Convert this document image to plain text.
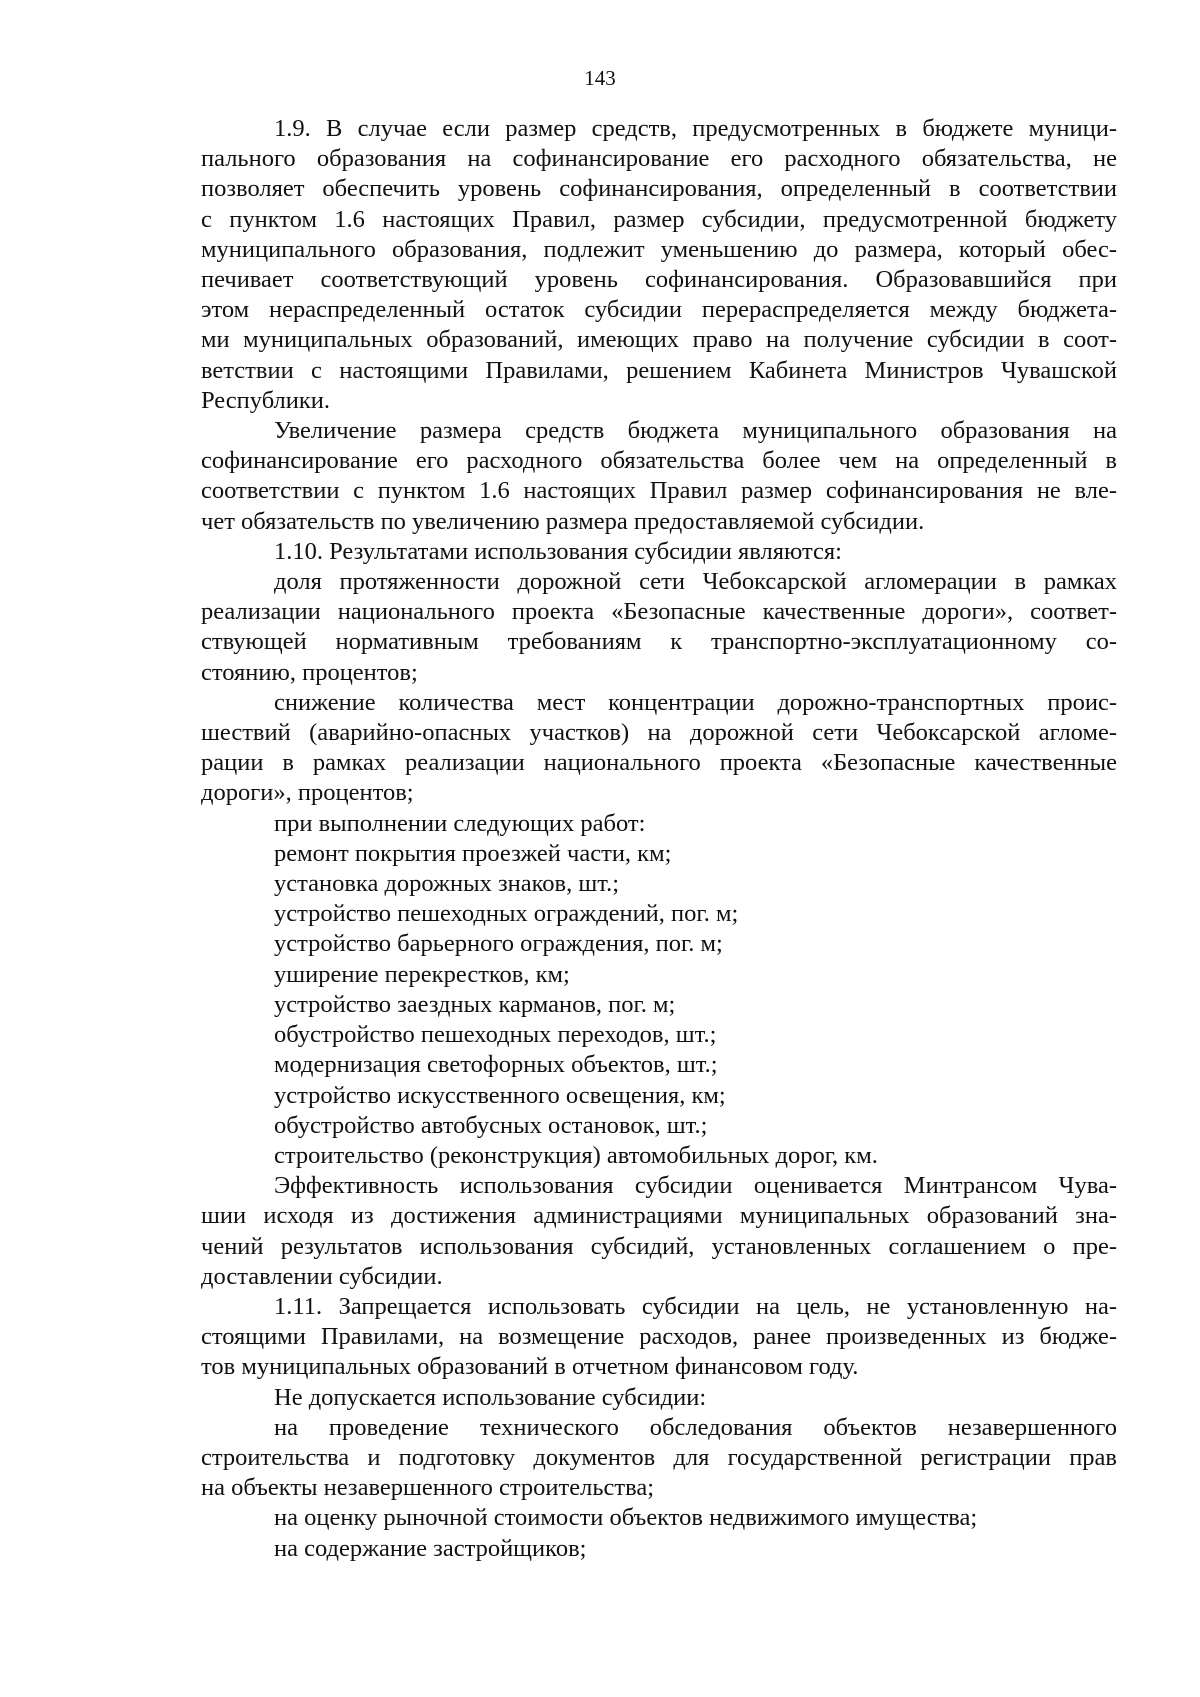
143
1.9. В случае если размер средств, предусмотренных в бюджете муници-
пального образования на софинансирование его расходного обязательства, не
позволяет обеспечить уровень софинансирования, определенный в соответствии
с пунктом 1.6 настоящих Правил, размер субсидии, предусмотренной бюджету
муниципального образования, подлежит уменьшению до размера, который обес-
печивает соответствующий уровень софинансирования. Образовавшийся при
этом нераспределенный остаток субсидии перераспределяется между бюджета-
ми муниципальных образований, имеющих право на получение субсидии в соот-
ветствии с настоящими Правилами, решением Кабинета Министров Чувашской
Республики.
Увеличение размера средств бюджета муниципального образования на
софинансирование его расходного обязательства более чем на определенный в
соответствии с пунктом 1.6 настоящих Правил размер софинансирования не вле-
чет обязательств по увеличению размера предоставляемой субсидии.
1.10. Результатами использования субсидии являются:
доля протяженности дорожной сети Чебоксарской агломерации в рамках
реализации национального проекта «Безопасные качественные дороги», соответ-
ствующей нормативным требованиям к транспортно-эксплуатационному со-
стоянию, процентов;
снижение количества мест концентрации дорожно-транспортных проис-
шествий (аварийно-опасных участков) на дорожной сети Чебоксарской агломе-
рации в рамках реализации национального проекта «Безопасные качественные
дороги», процентов;
при выполнении следующих работ:
ремонт покрытия проезжей части, км;
установка дорожных знаков, шт.;
устройство пешеходных ограждений, пог. м;
устройство барьерного ограждения, пог. м;
уширение перекрестков, км;
устройство заездных карманов, пог. м;
обустройство пешеходных переходов, шт.;
модернизация светофорных объектов, шт.;
устройство искусственного освещения, км;
обустройство автобусных остановок, шт.;
строительство (реконструкция) автомобильных дорог, км.
Эффективность использования субсидии оценивается Минтрансом Чува-
шии исходя из достижения администрациями муниципальных образований зна-
чений результатов использования субсидий, установленных соглашением о пре-
доставлении субсидии.
1.11. Запрещается использовать субсидии на цель, не установленную на-
стоящими Правилами, на возмещение расходов, ранее произведенных из бюдже-
тов муниципальных образований в отчетном финансовом году.
Не допускается использование субсидии:
на проведение технического обследования объектов незавершенного
строительства и подготовку документов для государственной регистрации прав
на объекты незавершенного строительства;
на оценку рыночной стоимости объектов недвижимого имущества;
на содержание застройщиков;
